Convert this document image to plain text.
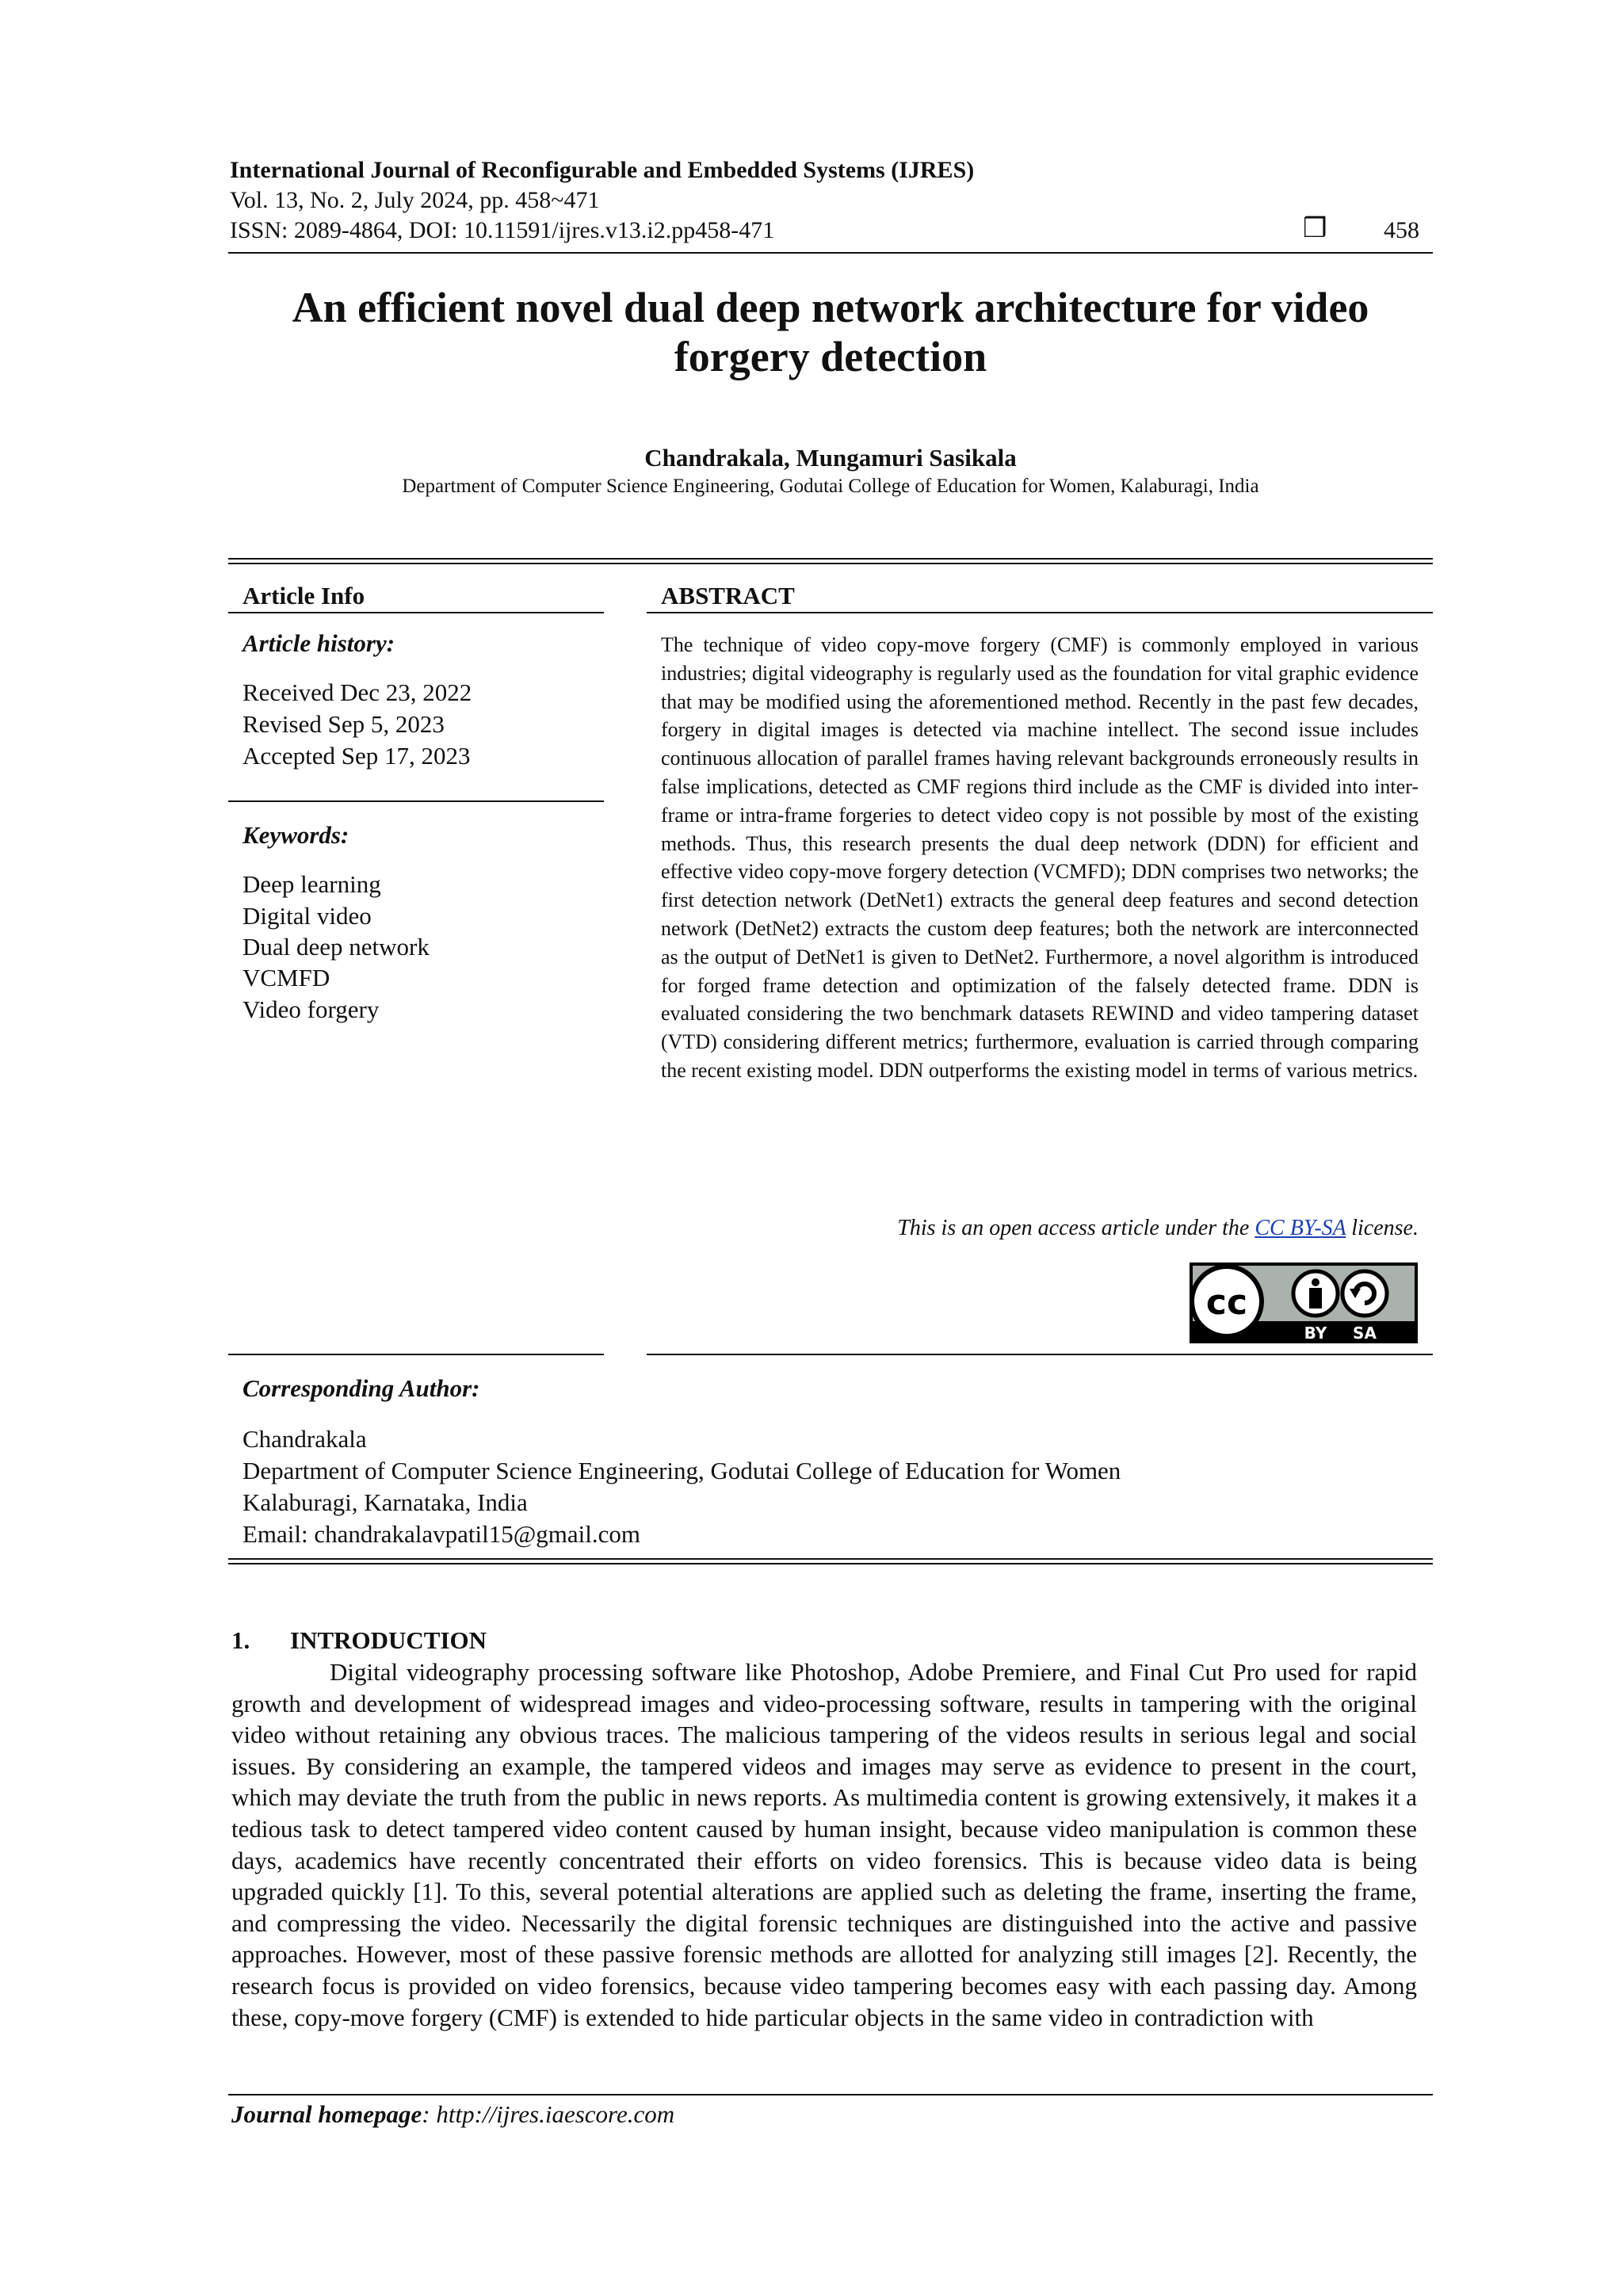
International Journal of Reconfigurable and Embedded Systems (IJRES)
Vol. 13, No. 2, July 2024, pp. 458~471
ISSN: 2089-4864, DOI: 10.11591/ijres.v13.i2.pp458-471	❒ 458
An efficient novel dual deep network architecture for video
forgery detection
Chandrakala, Mungamuri Sasikala
Department of Computer Science Engineering, Godutai College of Education for Women, Kalaburagi, India
Article Info
Article history:
Received Dec 23, 2022
Revised Sep 5, 2023
Accepted Sep 17, 2023
Keywords:
Deep learning
Digital video
Dual deep network
VCMFD
Video forgery
ABSTRACT
The technique of video copy-move forgery (CMF) is commonly employed in various industries; digital videography is regularly used as the foundation for vital graphic evidence that may be modified using the aforementioned method. Recently in the past few decades, forgery in digital images is detected via machine intellect. The second issue includes continuous allocation of parallel frames having relevant backgrounds erroneously results in false implications, detected as CMF regions third include as the CMF is divided into inter-frame or intra-frame forgeries to detect video copy is not possible by most of the existing methods. Thus, this research presents the dual deep network (DDN) for efficient and effective video copy-move forgery detection (VCMFD); DDN comprises two networks; the first detection network (DetNet1) extracts the general deep features and second detection network (DetNet2) extracts the custom deep features; both the network are interconnected as the output of DetNet1 is given to DetNet2. Furthermore, a novel algorithm is introduced for forged frame detection and optimization of the falsely detected frame. DDN is evaluated considering the two benchmark datasets REWIND and video tampering dataset (VTD) considering different metrics; furthermore, evaluation is carried through comparing the recent existing model. DDN outperforms the existing model in terms of various metrics.
This is an open access article under the CC BY-SA license.
cc
BY SA
Corresponding Author:
Chandrakala
Department of Computer Science Engineering, Godutai College of Education for Women
Kalaburagi, Karnataka, India
Email: chandrakalavpatil15@gmail.com
1. INTRODUCTION
Digital videography processing software like Photoshop, Adobe Premiere, and Final Cut Pro used for rapid growth and development of widespread images and video-processing software, results in tampering with the original video without retaining any obvious traces. The malicious tampering of the videos results in serious legal and social issues. By considering an example, the tampered videos and images may serve as evidence to present in the court, which may deviate the truth from the public in news reports. As multimedia content is growing extensively, it makes it a tedious task to detect tampered video content caused by human insight, because video manipulation is common these days, academics have recently concentrated their efforts on video forensics. This is because video data is being upgraded quickly [1]. To this, several potential alterations are applied such as deleting the frame, inserting the frame, and compressing the video. Necessarily the digital forensic techniques are distinguished into the active and passive approaches. However, most of these passive forensic methods are allotted for analyzing still images [2]. Recently, the research focus is provided on video forensics, because video tampering becomes easy with each passing day. Among these, copy-move forgery (CMF) is extended to hide particular objects in the same video in contradiction with
Journal homepage: http://ijres.iaescore.com
